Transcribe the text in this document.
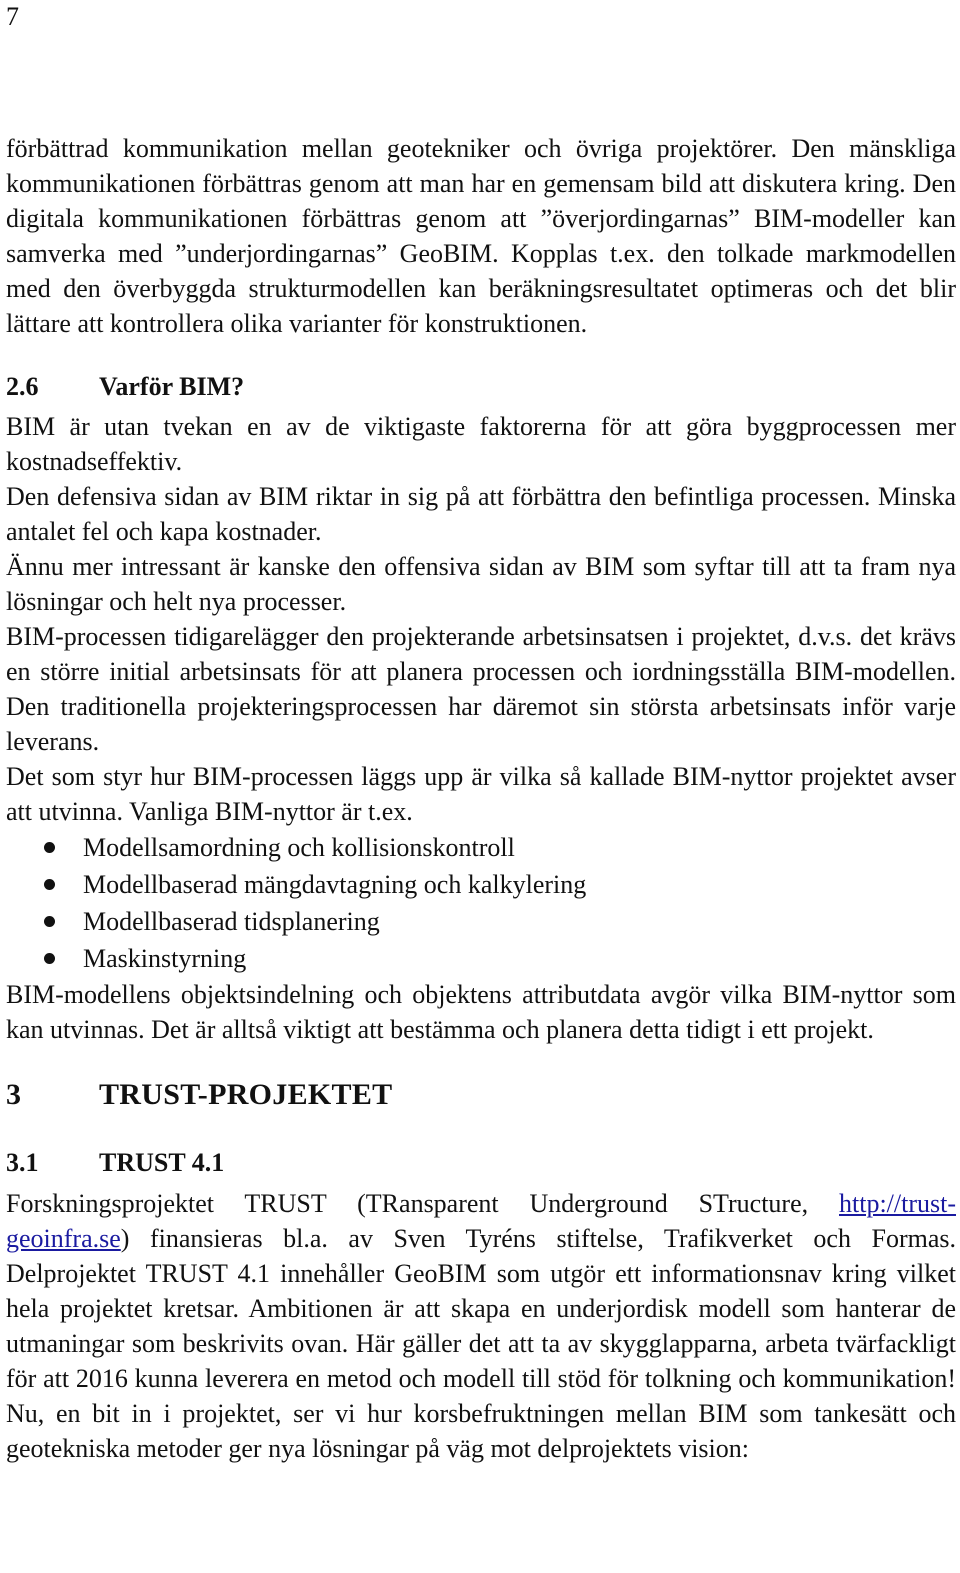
7

förbättrad kommunikation mellan geotekniker och övriga projektörer. Den mänskliga kommunikationen förbättras genom att man har en gemensam bild att diskutera kring. Den digitala kommunikationen förbättras genom att ”överjordingarnas” BIM-modeller kan samverka med ”underjordingarnas” GeoBIM. Kopplas t.ex. den tolkade markmodellen med den överbyggda strukturmodellen kan beräkningsresultatet optimeras och det blir lättare att kontrollera olika varianter för konstruktionen.

2.6 Varför BIM?

BIM är utan tvekan en av de viktigaste faktorerna för att göra byggprocessen mer kostnadseffektiv.

Den defensiva sidan av BIM riktar in sig på att förbättra den befintliga processen. Minska antalet fel och kapa kostnader.

Ännu mer intressant är kanske den offensiva sidan av BIM som syftar till att ta fram nya lösningar och helt nya processer.

BIM-processen tidigarelägger den projekterande arbetsinsatsen i projektet, d.v.s. det krävs en större initial arbetsinsats för att planera processen och iordningsställa BIM-modellen. Den traditionella projekteringsprocessen har däremot sin största arbetsinsats inför varje leverans.

Det som styr hur BIM-processen läggs upp är vilka så kallade BIM-nyttor projektet avser att utvinna. Vanliga BIM-nyttor är t.ex.

Modellsamordning och kollisionskontroll
Modellbaserad mängdavtagning och kalkylering
Modellbaserad tidsplanering
Maskinstyrning

BIM-modellens objektsindelning och objektens attributdata avgör vilka BIM-nyttor som kan utvinnas. Det är alltså viktigt att bestämma och planera detta tidigt i ett projekt.

3	TRUST-PROJEKTET
3.1 TRUST 4.1

Forskningsprojektet TRUST (TRansparent Underground STructure, http://trust-geoinfra.se) finansieras bl.a. av Sven Tyréns stiftelse, Trafikverket och Formas. Delprojektet TRUST 4.1 innehåller GeoBIM som utgör ett informationsnav kring vilket hela projektet kretsar. Ambitionen är att skapa en underjordisk modell som hanterar de utmaningar som beskrivits ovan. Här gäller det att ta av skygglapparna, arbeta tvärfackligt för att 2016 kunna leverera en metod och modell till stöd för tolkning och kommunikation! Nu, en bit in i projektet, ser vi hur korsbefruktningen mellan BIM som tankesätt och geotekniska metoder ger nya lösningar på väg mot delprojektets vision:
